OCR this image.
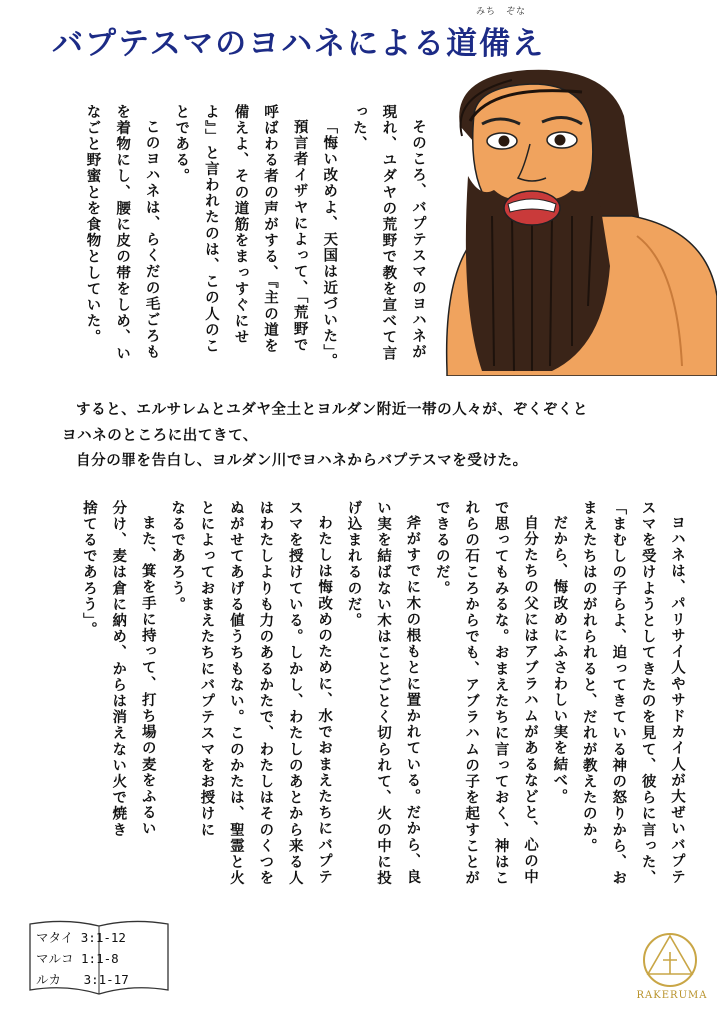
バプテスマのヨハネによる道備え
みち　ぞな

そのころ、バプテスマのヨハネが

現れ、ユダヤの荒野で教を宣べて言

った、

「悔い改めよ、天国は近づいた」。

預言者イザヤによって、「荒野で

呼ばわる者の声がする、『主の道を

備えよ、その道筋をまっすぐにせ

よ』」と言われたのは、この人のこ

とである。

このヨハネは、らくだの毛ごろも

を着物にし、腰に皮の帯をしめ、い

なごと野蜜とを食物としていた。

すると、エルサレムとユダヤ全土とヨルダン附近一帯の人々が、ぞくぞくと
ヨハネのところに出てきて、
自分の罪を告白し、ヨルダン川でヨハネからバプテスマを受けた。

ヨハネは、パリサイ人やサドカイ人が大ぜいバプテ

スマを受けようとしてきたのを見て、彼らに言った、

「まむしの子らよ、迫ってきている神の怒りから、お

まえたちはのがれられると、だれが教えたのか。

だから、悔改めにふさわしい実を結べ。

自分たちの父にはアブラハムがあるなどと、心の中

で思ってもみるな。おまえたちに言っておく、神はこ

れらの石ころからでも、アブラハムの子を起すことが

できるのだ。

斧がすでに木の根もとに置かれている。だから、良

い実を結ばない木はことごとく切られて、火の中に投

げ込まれるのだ。

わたしは悔改めのために、水でおまえたちにバプテ

スマを授けている。しかし、わたしのあとから来る人

はわたしよりも力のあるかたで、わたしはそのくつを

ぬがせてあげる値うちもない。このかたは、聖霊と火

とによっておまえたちにバプテスマをお授けに

なるであろう。

また、箕を手に持って、打ち場の麦をふるい

分け、麦は倉に納め、からは消えない火で焼き

捨てるであろう」。

マタイ 3:1-12
マルコ 1:1-8
ルカ   3:1-17
RAKERUMA
